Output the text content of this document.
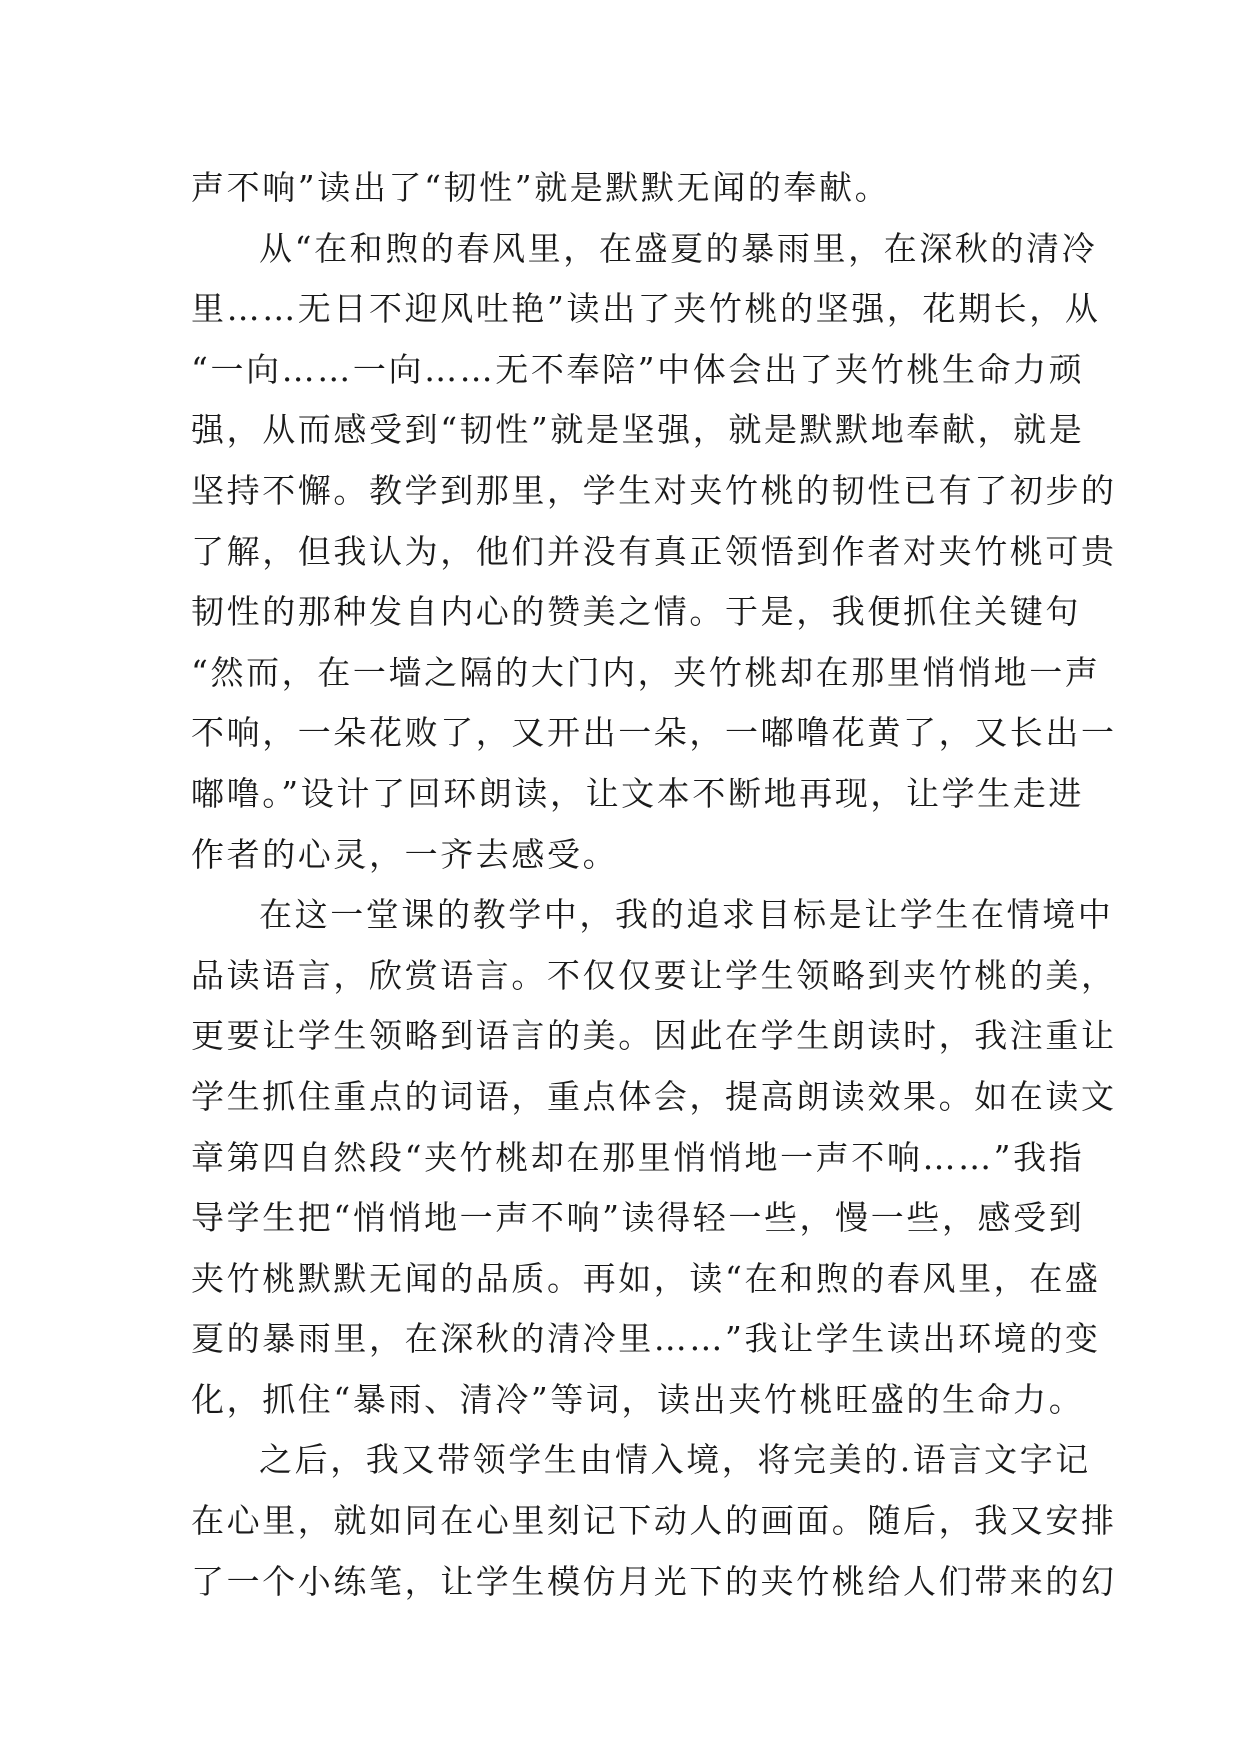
声不响”读出了“韧性”就是默默无闻的奉献。
从“在和煦的春风里，在盛夏的暴雨里，在深秋的清冷
里……无日不迎风吐艳”读出了夹竹桃的坚强，花期长，从
“一向……一向……无不奉陪”中体会出了夹竹桃生命力顽
强，从而感受到“韧性”就是坚强，就是默默地奉献，就是
坚持不懈。教学到那里，学生对夹竹桃的韧性已有了初步的
了解，但我认为，他们并没有真正领悟到作者对夹竹桃可贵
韧性的那种发自内心的赞美之情。于是，我便抓住关键句
“然而，在一墙之隔的大门内，夹竹桃却在那里悄悄地一声
不响，一朵花败了，又开出一朵，一嘟噜花黄了，又长出一
嘟噜。”设计了回环朗读，让文本不断地再现，让学生走进
作者的心灵，一齐去感受。
在这一堂课的教学中，我的追求目标是让学生在情境中
品读语言，欣赏语言。不仅仅要让学生领略到夹竹桃的美，
更要让学生领略到语言的美。因此在学生朗读时，我注重让
学生抓住重点的词语，重点体会，提高朗读效果。如在读文
章第四自然段“夹竹桃却在那里悄悄地一声不响……”我指
导学生把“悄悄地一声不响”读得轻一些，慢一些，感受到
夹竹桃默默无闻的品质。再如，读“在和煦的春风里，在盛
夏的暴雨里，在深秋的清冷里……”我让学生读出环境的变
化，抓住“暴雨、清冷”等词，读出夹竹桃旺盛的生命力。
之后，我又带领学生由情入境，将完美的.语言文字记
在心里，就如同在心里刻记下动人的画面。随后，我又安排
了一个小练笔，让学生模仿月光下的夹竹桃给人们带来的幻
